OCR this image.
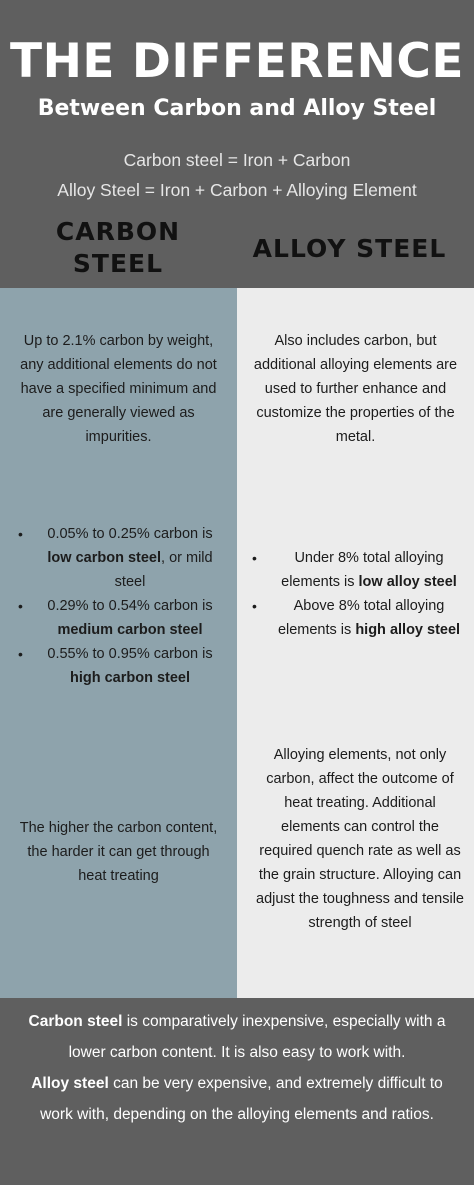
THE DIFFERENCE
Between Carbon and Alloy Steel
Carbon steel = Iron + Carbon
Alloy Steel = Iron + Carbon + Alloying Element
CARBON
STEEL
ALLOY STEEL
Up to 2.1% carbon by weight, any additional elements do not have a specified minimum and are generally viewed as impurities.
• 0.05% to 0.25% carbon is low carbon steel, or mild steel
• 0.29% to 0.54% carbon is medium carbon steel
• 0.55% to 0.95% carbon is high carbon steel
The higher the carbon content, the harder it can get through heat treating
Also includes carbon, but additional alloying elements are used to further enhance and customize the properties of the metal.
• Under 8% total alloying elements is low alloy steel
• Above 8% total alloying elements is high alloy steel
Alloying elements, not only carbon, affect the outcome of heat treating. Additional elements can control the required quench rate as well as the grain structure. Alloying can adjust the toughness and tensile strength of steel
Carbon steel is comparatively inexpensive, especially with a lower carbon content. It is also easy to work with.
Alloy steel can be very expensive, and extremely difficult to work with, depending on the alloying elements and ratios.
